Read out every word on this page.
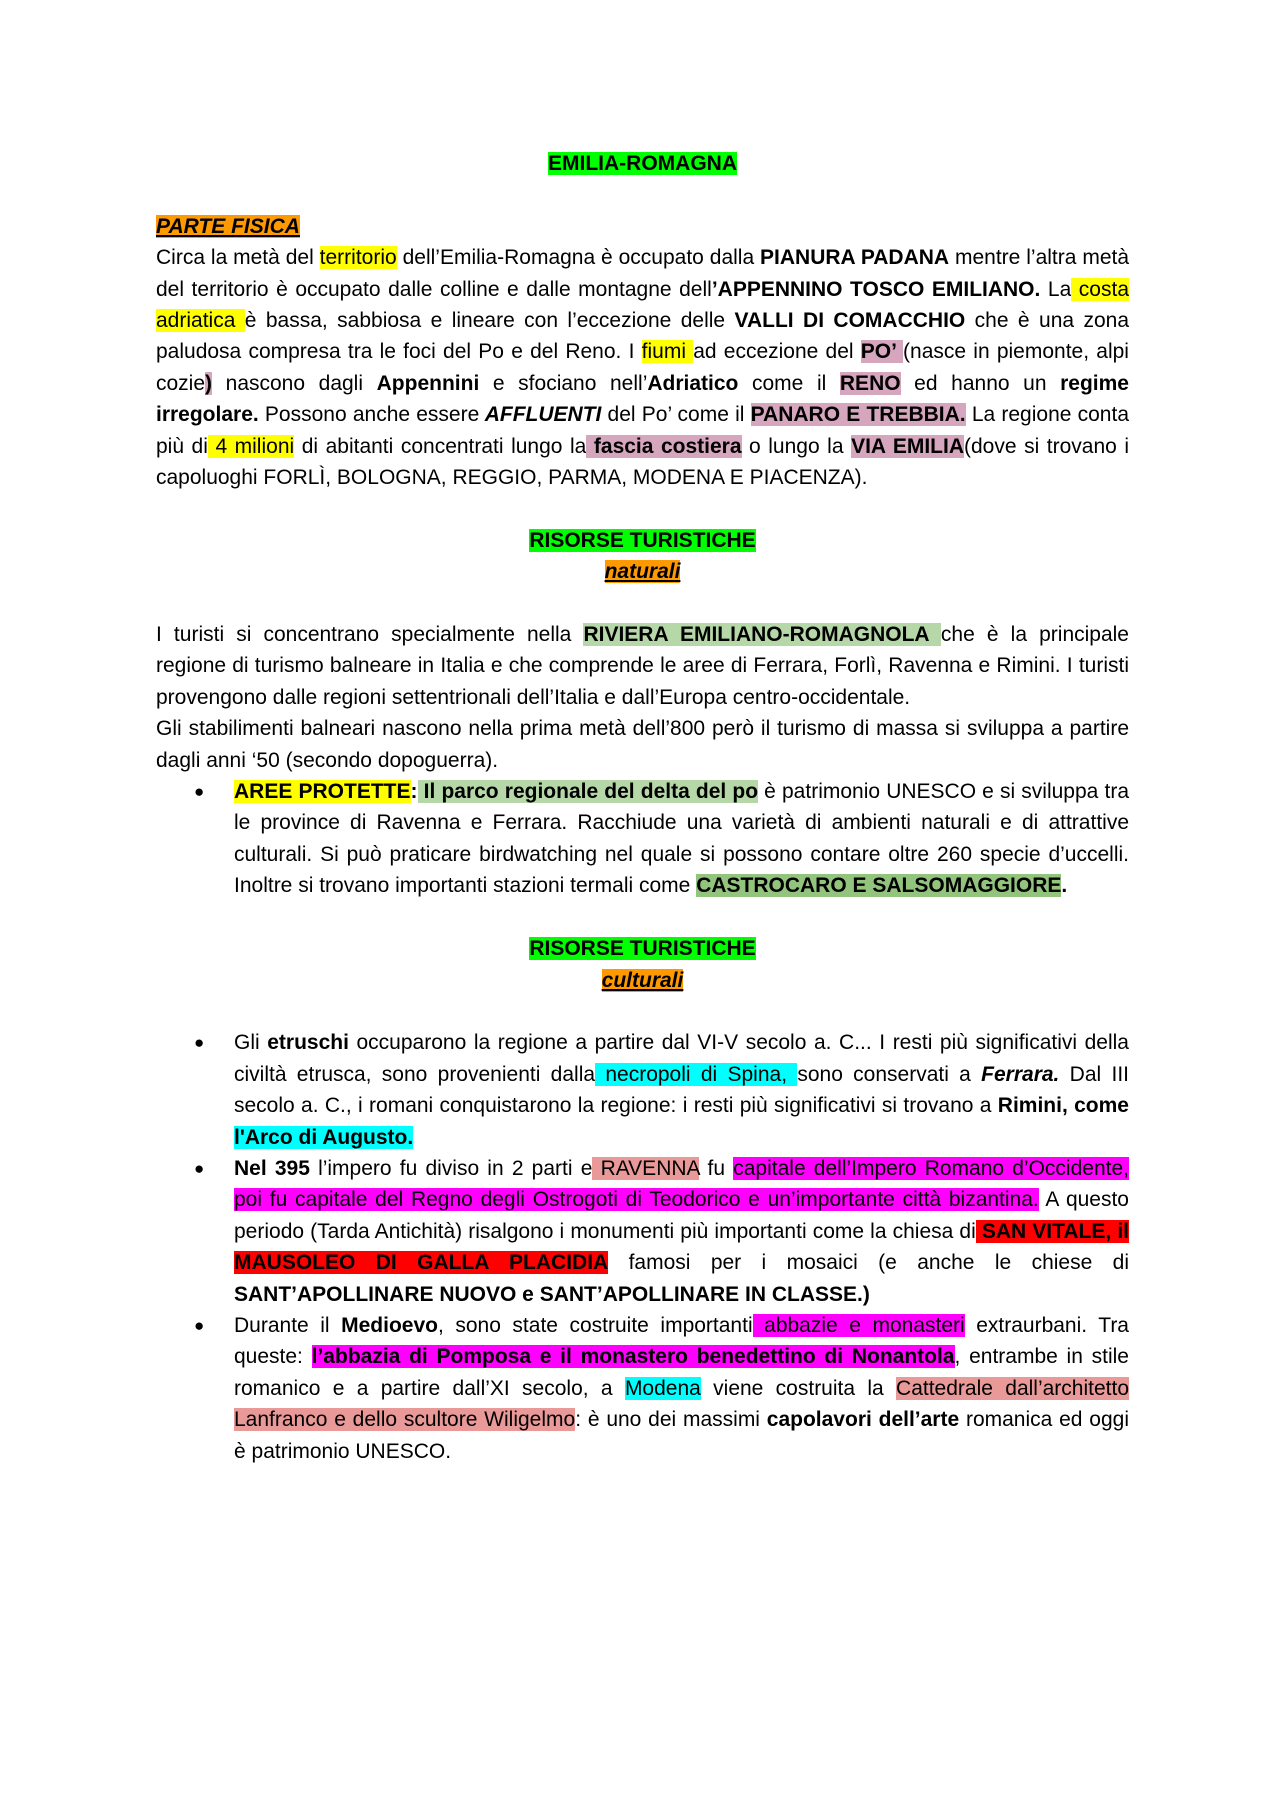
EMILIA-ROMAGNA
PARTE FISICA

Circa la metà del territorio dell’Emilia-Romagna è occupato dalla PIANURA PADANA mentre l’altra metà del territorio è occupato dalle colline e dalle montagne dell’APPENNINO TOSCO EMILIANO. La costa adriatica è bassa, sabbiosa e lineare con l’eccezione delle VALLI DI COMACCHIO che è una zona paludosa compresa tra le foci del Po e del Reno. I fiumi ad eccezione del PO’ (nasce in piemonte, alpi cozie) nascono dagli Appennini e sfociano nell’Adriatico come il RENO ed hanno un regime irregolare. Possono anche essere AFFLUENTI del Po’ come il PANARO E TREBBIA. La regione conta più di 4 milioni di abitanti concentrati lungo la fascia costiera o lungo la VIA EMILIA(dove si trovano i capoluoghi FORLÌ, BOLOGNA, REGGIO, PARMA, MODENA E PIACENZA).

RISORSE TURISTICHE
naturali

I turisti si concentrano specialmente nella RIVIERA EMILIANO-ROMAGNOLA che è la principale regione di turismo balneare in Italia e che comprende le aree di Ferrara, Forlì, Ravenna e Rimini. I turisti provengono dalle regioni settentrionali dell’Italia e dall’Europa centro-occidentale.

Gli stabilimenti balneari nascono nella prima metà dell’800 però il turismo di massa si sviluppa a partire dagli anni ‘50 (secondo dopoguerra).

● AREE PROTETTE: Il parco regionale del delta del po è patrimonio UNESCO e si sviluppa tra le province di Ravenna e Ferrara. Racchiude una varietà di ambienti naturali e di attrattive culturali. Si può praticare birdwatching nel quale si possono contare oltre 260 specie d’uccelli. Inoltre si trovano importanti stazioni termali come CASTROCARO E SALSOMAGGIORE.
RISORSE TURISTICHE
culturali
● Gli etruschi occuparono la regione a partire dal VI-V secolo a. C... I resti più significativi della civiltà etrusca, sono provenienti dalla necropoli di Spina, sono conservati a Ferrara. Dal III secolo a. C., i romani conquistarono la regione: i resti più significativi si trovano a Rimini, come l'Arco di Augusto.
● Nel 395 l’impero fu diviso in 2 parti e RAVENNA fu capitale dell’Impero Romano d’Occidente, poi fu capitale del Regno degli Ostrogoti di Teodorico e un’importante città bizantina. A questo periodo (Tarda Antichità) risalgono i monumenti più importanti come la chiesa di SAN VITALE, il MAUSOLEO DI GALLA PLACIDIA famosi per i mosaici (e anche le chiese di SANT’APOLLINARE NUOVO e SANT’APOLLINARE IN CLASSE.)
● Durante il Medioevo, sono state costruite importanti abbazie e monasteri extraurbani. Tra queste: l’abbazia di Pomposa e il monastero benedettino di Nonantola, entrambe in stile romanico e a partire dall’XI secolo, a Modena viene costruita la Cattedrale dall’architetto Lanfranco e dello scultore Wiligelmo: è uno dei massimi capolavori dell’arte romanica ed oggi è patrimonio UNESCO.
